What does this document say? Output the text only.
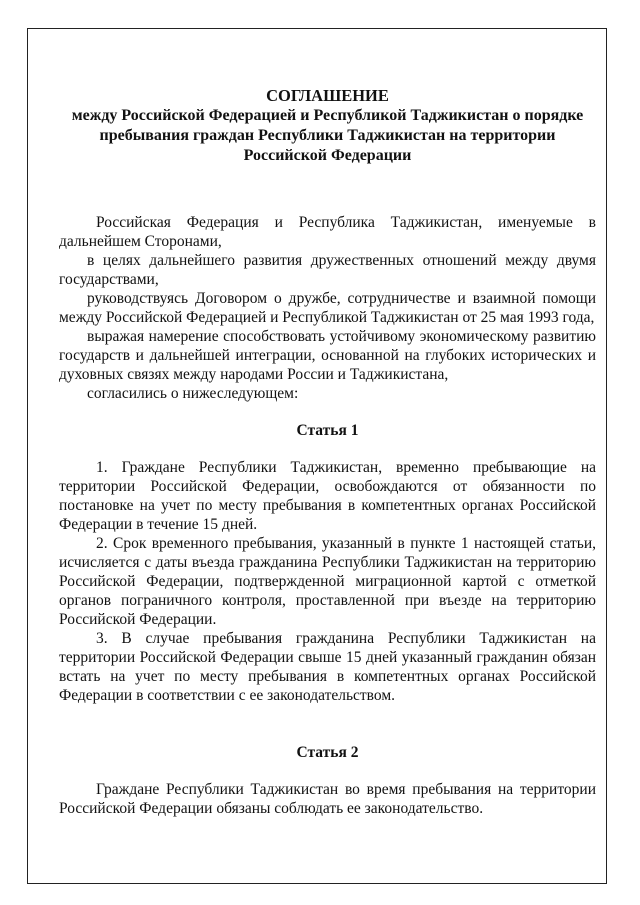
СОГЛАШЕНИЕ

между Российской Федерацией и Республикой Таджикистан о порядке

пребывания граждан Республики Таджикистан на территории

Российской Федерации

Российская Федерация и Республика Таджикистан, именуемые в дальнейшем Сторонами,

в целях дальнейшего развития дружественных отношений между двумя государствами,

руководствуясь Договором о дружбе, сотрудничестве и взаимной помощи между Российской Федерацией и Республикой Таджикистан от 25 мая 1993 года,

выражая намерение способствовать устойчивому экономическому развитию государств и дальнейшей интеграции, основанной на глубоких исторических и духовных связях между народами России и Таджикистана,

согласились о нижеследующем:

Статья 1

1. Граждане Республики Таджикистан, временно пребывающие на территории Российской Федерации, освобождаются от обязанности по постановке на учет по месту пребывания в компетентных органах Российской Федерации в течение 15 дней.

2. Срок временного пребывания, указанный в пункте 1 настоящей статьи, исчисляется с даты въезда гражданина Республики Таджикистан на территорию Российской Федерации, подтвержденной миграционной картой с отметкой органов пограничного контроля, проставленной при въезде на территорию Российской Федерации.

3. В случае пребывания гражданина Республики Таджикистан на территории Российской Федерации свыше 15 дней указанный гражданин обязан встать на учет по месту пребывания в компетентных органах Российской Федерации в соответствии с ее законодательством.

Статья 2

Граждане Республики Таджикистан во время пребывания на территории Российской Федерации обязаны соблюдать ее законодательство.
